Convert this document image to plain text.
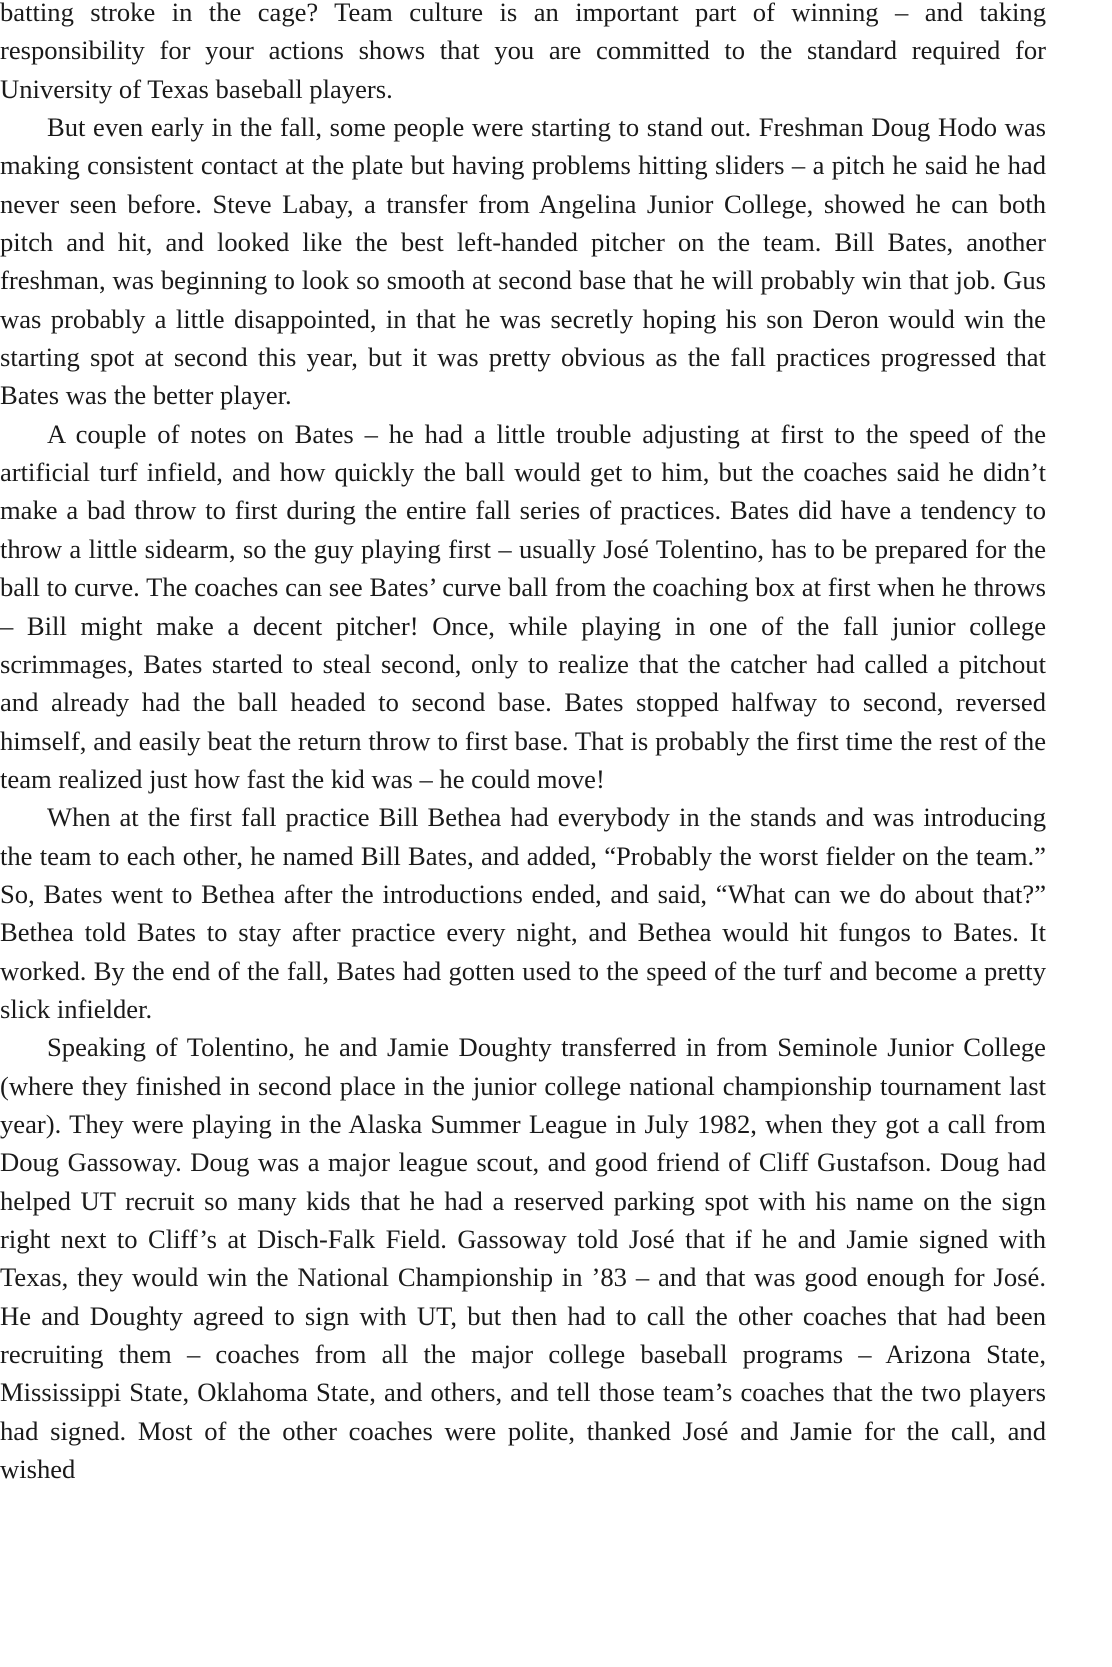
batting stroke in the cage? Team culture is an important part of winning – and taking responsibility for your actions shows that you are committed to the standard required for University of Texas baseball players.

But even early in the fall, some people were starting to stand out. Freshman Doug Hodo was making consistent contact at the plate but having problems hitting sliders – a pitch he said he had never seen before. Steve Labay, a transfer from Angelina Junior College, showed he can both pitch and hit, and looked like the best left-handed pitcher on the team. Bill Bates, another freshman, was beginning to look so smooth at second base that he will probably win that job. Gus was probably a little disappointed, in that he was secretly hoping his son Deron would win the starting spot at second this year, but it was pretty obvious as the fall practices progressed that Bates was the better player.

A couple of notes on Bates – he had a little trouble adjusting at first to the speed of the artificial turf infield, and how quickly the ball would get to him, but the coaches said he didn’t make a bad throw to first during the entire fall series of practices. Bates did have a tendency to throw a little sidearm, so the guy playing first – usually José Tolentino, has to be prepared for the ball to curve. The coaches can see Bates’ curve ball from the coaching box at first when he throws – Bill might make a decent pitcher! Once, while playing in one of the fall junior college scrimmages, Bates started to steal second, only to realize that the catcher had called a pitchout and already had the ball headed to second base. Bates stopped halfway to second, reversed himself, and easily beat the return throw to first base. That is probably the first time the rest of the team realized just how fast the kid was – he could move!

When at the first fall practice Bill Bethea had everybody in the stands and was introducing the team to each other, he named Bill Bates, and added, “Probably the worst fielder on the team.” So, Bates went to Bethea after the introductions ended, and said, “What can we do about that?” Bethea told Bates to stay after practice every night, and Bethea would hit fungos to Bates. It worked. By the end of the fall, Bates had gotten used to the speed of the turf and become a pretty slick infielder.

Speaking of Tolentino, he and Jamie Doughty transferred in from Seminole Junior College (where they finished in second place in the junior college national championship tournament last year). They were playing in the Alaska Summer League in July 1982, when they got a call from Doug Gassoway. Doug was a major league scout, and good friend of Cliff Gustafson. Doug had helped UT recruit so many kids that he had a reserved parking spot with his name on the sign right next to Cliff’s at Disch-Falk Field. Gassoway told José that if he and Jamie signed with Texas, they would win the National Championship in ’83 – and that was good enough for José. He and Doughty agreed to sign with UT, but then had to call the other coaches that had been recruiting them – coaches from all the major college baseball programs – Arizona State, Mississippi State, Oklahoma State, and others, and tell those team’s coaches that the two players had signed. Most of the other coaches were polite, thanked José and Jamie for the call, and wished
